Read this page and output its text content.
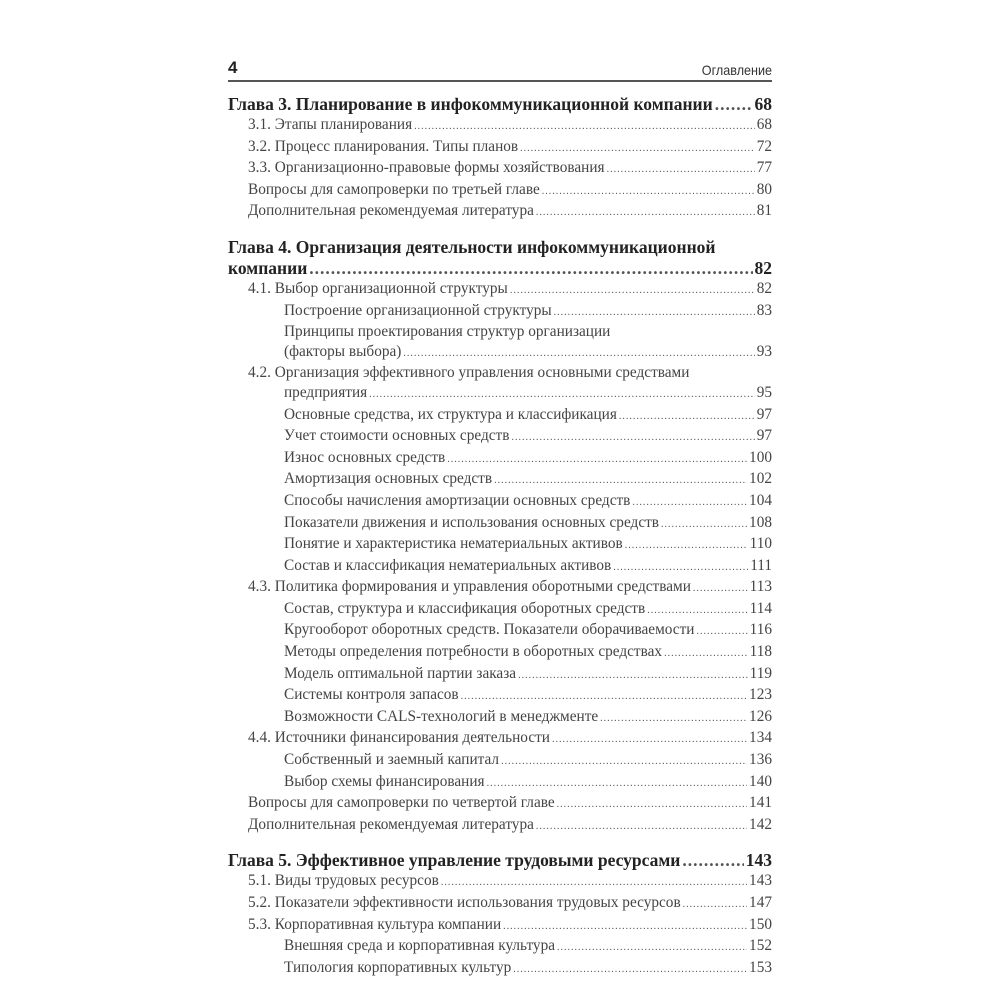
4	Оглавление
Глава 3. Планирование в инфокоммуникационной компании ..... 68
3.1. Этапы планирования .....	68
3.2. Процесс планирования. Типы планов .....	72
3.3. Организационно-правовые формы хозяйствования .....	77
Вопросы для самопроверки по третьей главе .....	80
Дополнительная рекомендуемая литература .....	81
Глава 4. Организация деятельности инфокоммуникационной
компании .....	82
4.1. Выбор организационной структуры .....	82
Построение организационной структуры .....	83
Принципы проектирования структур организации
(факторы выбора) .....	93
4.2. Организация эффективного управления основными средствами
предприятия .....	95
Основные средства, их структура и классификация .....	97
Учет стоимости основных средств .....	97
Износ основных средств .....	100
Амортизация основных средств .....	102
Способы начисления амортизации основных средств .....	104
Показатели движения и использования основных средств .....	108
Понятие и характеристика нематериальных активов .....	110
Состав и классификация нематериальных активов .....	111
4.3. Политика формирования и управления оборотными средствами .....	113
Состав, структура и классификация оборотных средств .....	114
Кругооборот оборотных средств. Показатели оборачиваемости .....	116
Методы определения потребности в оборотных средствах .....	118
Модель оптимальной партии заказа .....	119
Системы контроля запасов .....	123
Возможности CALS-технологий в менеджменте .....	126
4.4. Источники финансирования деятельности .....	134
Собственный и заемный капитал .....	136
Выбор схемы финансирования .....	140
Вопросы для самопроверки по четвертой главе .....	141
Дополнительная рекомендуемая литература .....	142
Глава 5. Эффективное управление трудовыми ресурсами .....	143
5.1. Виды трудовых ресурсов .....	143
5.2. Показатели эффективности использования трудовых ресурсов .....	147
5.3. Корпоративная культура компании .....	150
Внешняя среда и корпоративная культура .....	152
Типология корпоративных культур .....	153
